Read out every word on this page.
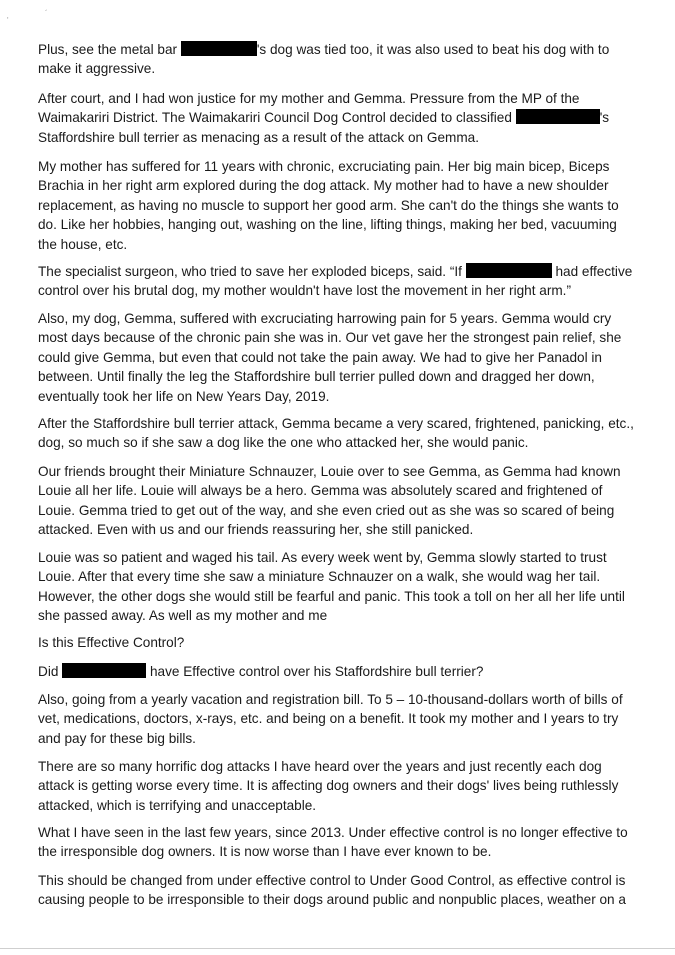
'
´

Plus, see the metal bar	's dog was tied too, it was also used to beat his dog with to make it aggressive.

After court, and I had won justice for my mother and Gemma. Pressure from the MP of the Waimakariri District. The Waimakariri Council Dog Control decided to classified	's Staffordshire bull terrier as menacing as a result of the attack on Gemma.

My mother has suffered for 11 years with chronic, excruciating pain. Her big main bicep, Biceps Brachia in her right arm explored during the dog attack. My mother had to have a new shoulder replacement, as having no muscle to support her good arm. She can't do the things she wants to do. Like her hobbies, hanging out, washing on the line, lifting things, making her bed, vacuuming the house, etc.

The specialist surgeon, who tried to save her exploded biceps, said. “If	had effective control over his brutal dog, my mother wouldn't have lost the movement in her right arm.”

Also, my dog, Gemma, suffered with excruciating harrowing pain for 5 years. Gemma would cry most days because of the chronic pain she was in. Our vet gave her the strongest pain relief, she could give Gemma, but even that could not take the pain away. We had to give her Panadol in between. Until finally the leg the Staffordshire bull terrier pulled down and dragged her down, eventually took her life on New Years Day, 2019.

After the Staffordshire bull terrier attack, Gemma became a very scared, frightened, panicking, etc., dog, so much so if she saw a dog like the one who attacked her, she would panic.

Our friends brought their Miniature Schnauzer, Louie over to see Gemma, as Gemma had known Louie all her life. Louie will always be a hero. Gemma was absolutely scared and frightened of Louie. Gemma tried to get out of the way, and she even cried out as she was so scared of being attacked. Even with us and our friends reassuring her, she still panicked.

Louie was so patient and waged his tail. As every week went by, Gemma slowly started to trust Louie. After that every time she saw a miniature Schnauzer on a walk, she would wag her tail. However, the other dogs she would still be fearful and panic. This took a toll on her all her life until she passed away. As well as my mother and me

Is this Effective Control?

Did	have Effective control over his Staffordshire bull terrier?

Also, going from a yearly vacation and registration bill. To 5 – 10-thousand-dollars worth of bills of vet, medications, doctors, x-rays, etc. and being on a benefit. It took my mother and I years to try and pay for these big bills.

There are so many horrific dog attacks I have heard over the years and just recently each dog attack is getting worse every time. It is affecting dog owners and their dogs' lives being ruthlessly attacked, which is terrifying and unacceptable.

What I have seen in the last few years, since 2013. Under effective control is no longer effective to the irresponsible dog owners. It is now worse than I have ever known to be.

This should be changed from under effective control to Under Good Control, as effective control is causing people to be irresponsible to their dogs around public and nonpublic places, weather on a
